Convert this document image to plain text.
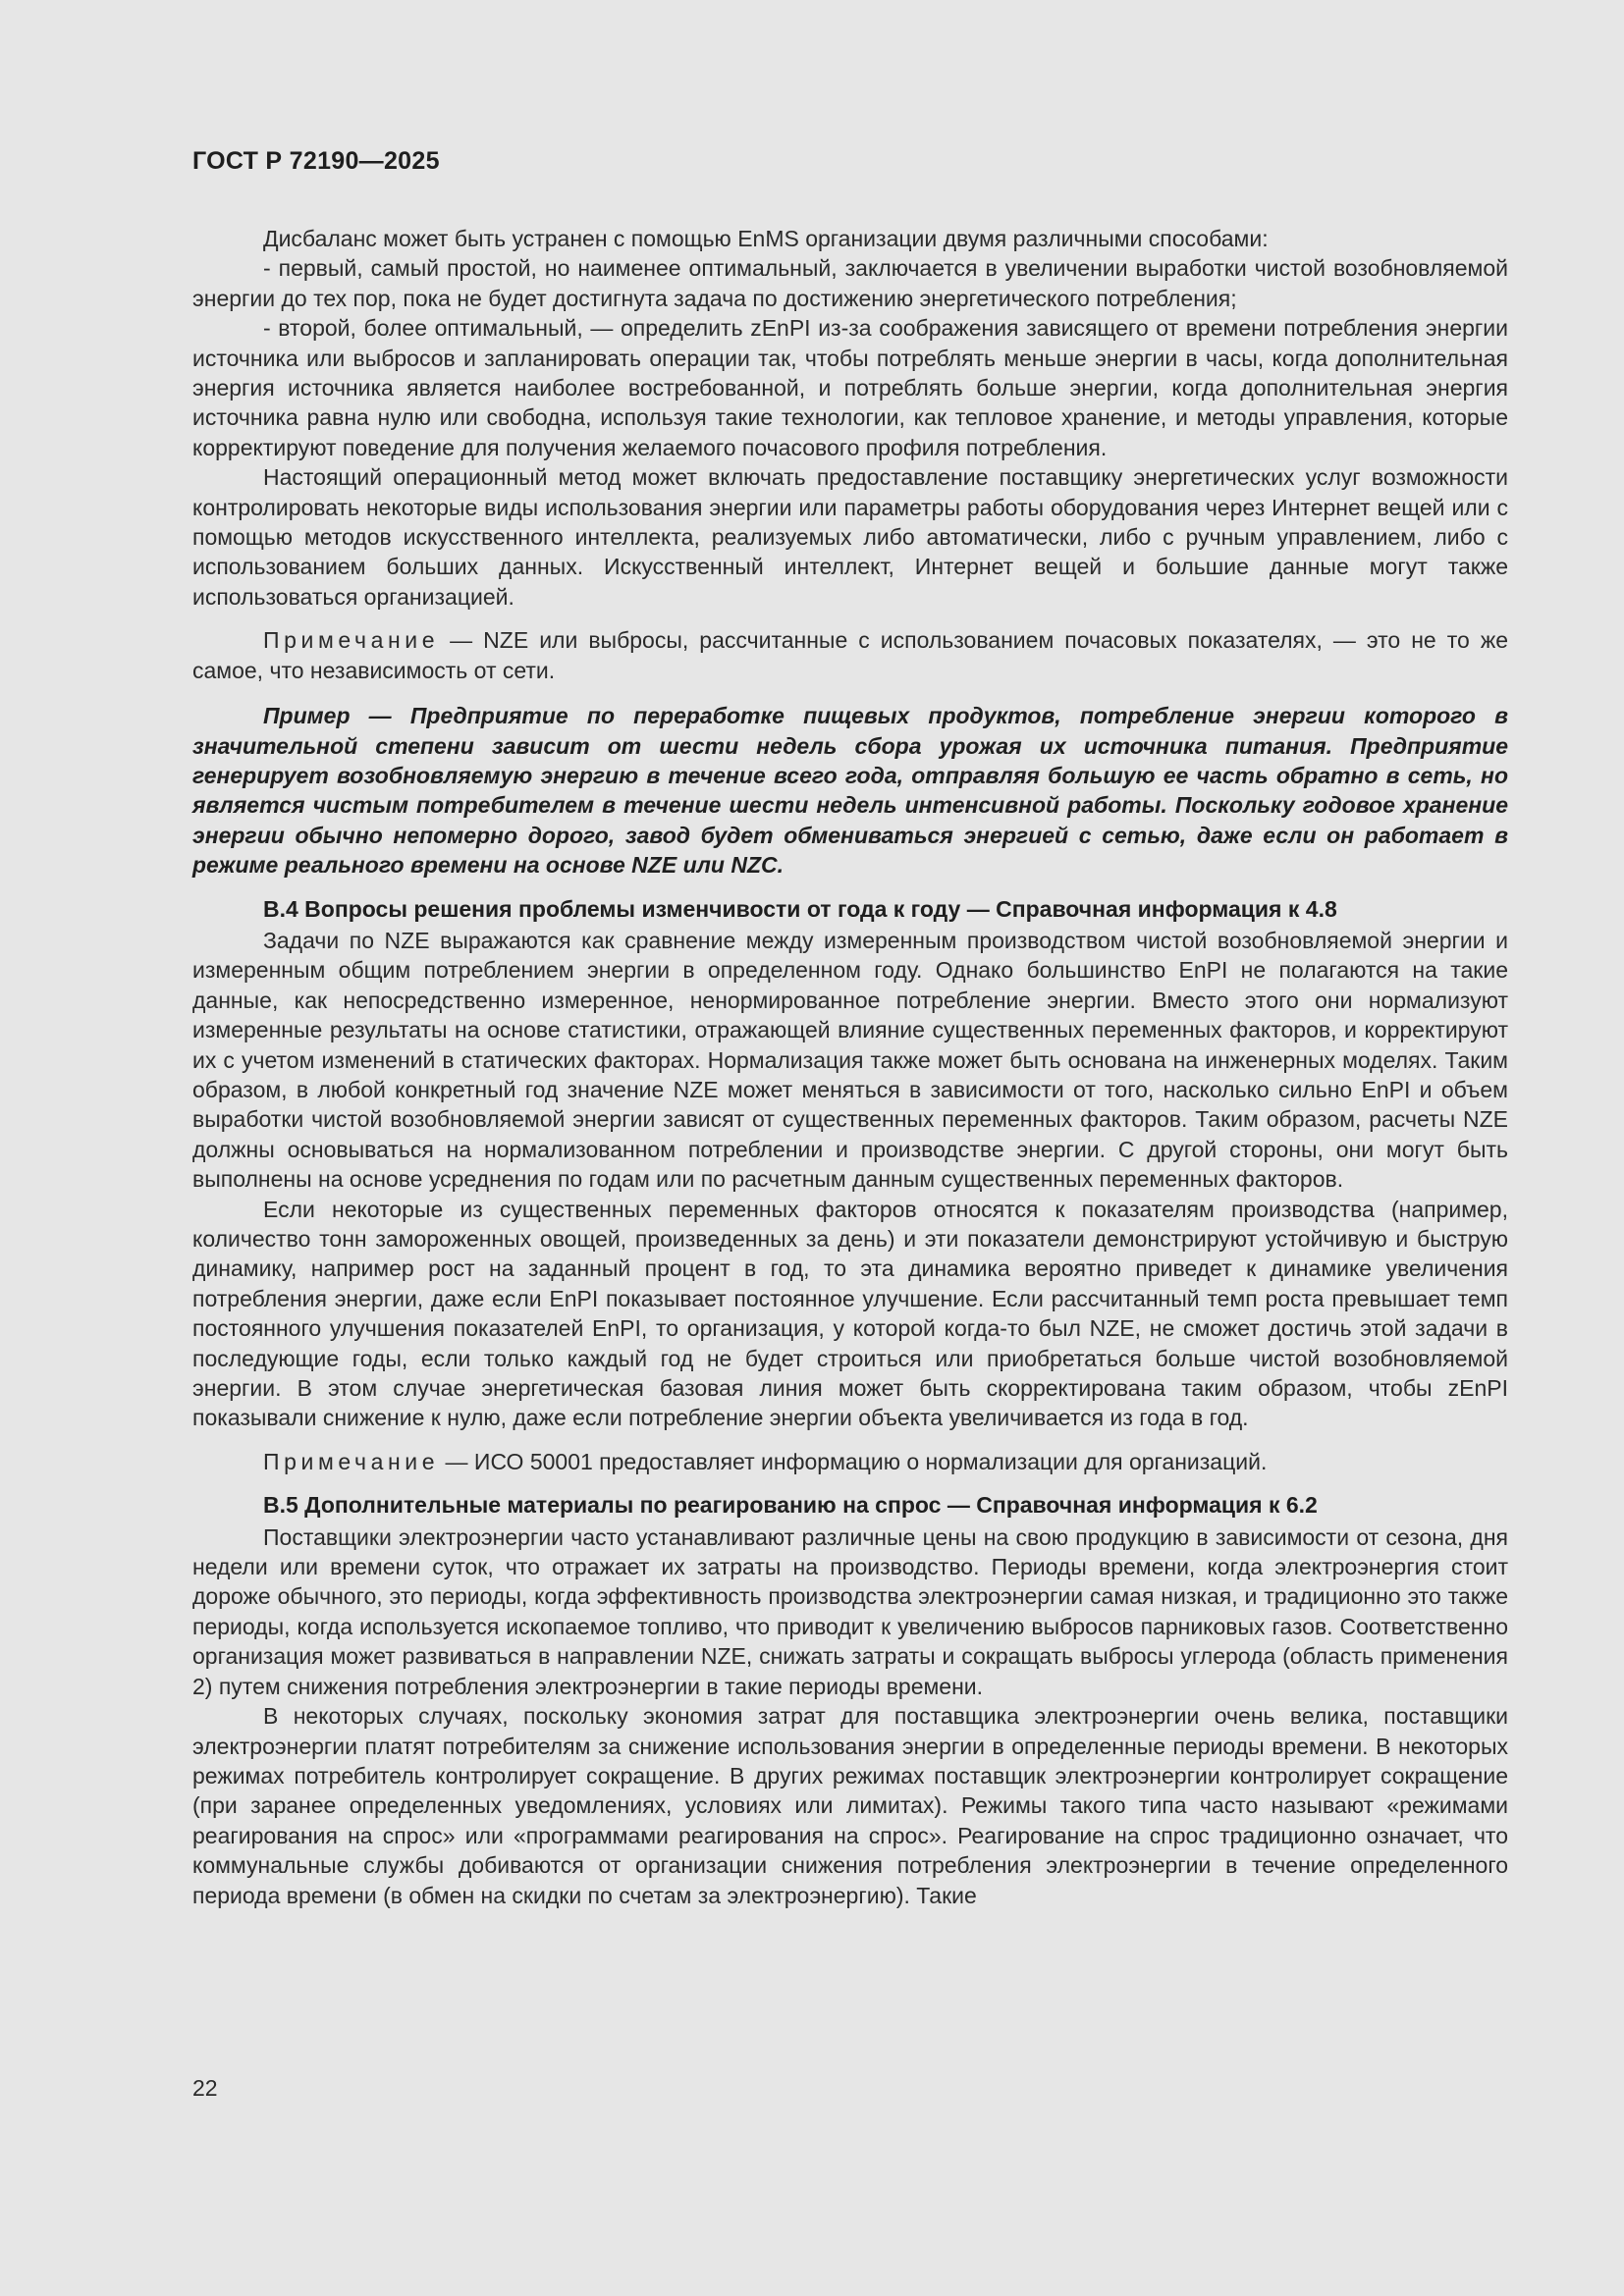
ГОСТ Р 72190—2025

Дисбаланс может быть устранен с помощью EnMS организации двумя различными способами:

- первый, самый простой, но наименее оптимальный, заключается в увеличении выработки чистой возобновляемой энергии до тех пор, пока не будет достигнута задача по достижению энергетического потребления;

- второй, более оптимальный, — определить zEnPI из-за соображения зависящего от времени потребления энергии источника или выбросов и запланировать операции так, чтобы потреблять меньше энергии в часы, когда дополнительная энергия источника является наиболее востребованной, и потреблять больше энергии, когда дополнительная энергия источника равна нулю или свободна, используя такие технологии, как тепловое хранение, и методы управления, которые корректируют поведение для получения желаемого почасового профиля потребления.

Настоящий операционный метод может включать предоставление поставщику энергетических услуг возможности контролировать некоторые виды использования энергии или параметры работы оборудования через Интернет вещей или с помощью методов искусственного интеллекта, реализуемых либо автоматически, либо с ручным управлением, либо с использованием больших данных. Искусственный интеллект, Интернет вещей и большие данные могут также использоваться организацией.

Примечание — NZE или выбросы, рассчитанные с использованием почасовых показателях, — это не то же самое, что независимость от сети.

Пример — Предприятие по переработке пищевых продуктов, потребление энергии которого в значительной степени зависит от шести недель сбора урожая их источника питания. Предприятие генерирует возобновляемую энергию в течение всего года, отправляя большую ее часть обратно в сеть, но является чистым потребителем в течение шести недель интенсивной работы. Поскольку годовое хранение энергии обычно непомерно дорого, завод будет обмениваться энергией с сетью, даже если он работает в режиме реального времени на основе NZE или NZC.

В.4 Вопросы решения проблемы изменчивости от года к году — Справочная информация к 4.8

Задачи по NZE выражаются как сравнение между измеренным производством чистой возобновляемой энергии и измеренным общим потреблением энергии в определенном году. Однако большинство EnPI не полагаются на такие данные, как непосредственно измеренное, ненормированное потребление энергии. Вместо этого они нормализуют измеренные результаты на основе статистики, отражающей влияние существенных переменных факторов, и корректируют их с учетом изменений в статических факторах. Нормализация также может быть основана на инженерных моделях. Таким образом, в любой конкретный год значение NZE может меняться в зависимости от того, насколько сильно EnPI и объем выработки чистой возобновляемой энергии зависят от существенных переменных факторов. Таким образом, расчеты NZE должны основываться на нормализованном потреблении и производстве энергии. С другой стороны, они могут быть выполнены на основе усреднения по годам или по расчетным данным существенных переменных факторов.

Если некоторые из существенных переменных факторов относятся к показателям производства (например, количество тонн замороженных овощей, произведенных за день) и эти показатели демонстрируют устойчивую и быструю динамику, например рост на заданный процент в год, то эта динамика вероятно приведет к динамике увеличения потребления энергии, даже если EnPI показывает постоянное улучшение. Если рассчитанный темп роста превышает темп постоянного улучшения показателей EnPI, то организация, у которой когда-то был NZE, не сможет достичь этой задачи в последующие годы, если только каждый год не будет строиться или приобретаться больше чистой возобновляемой энергии. В этом случае энергетическая базовая линия может быть скорректирована таким образом, чтобы zEnPI показывали снижение к нулю, даже если потребление энергии объекта увеличивается из года в год.

Примечание — ИСО 50001 предоставляет информацию о нормализации для организаций.

В.5 Дополнительные материалы по реагированию на спрос — Справочная информация к 6.2

Поставщики электроэнергии часто устанавливают различные цены на свою продукцию в зависимости от сезона, дня недели или времени суток, что отражает их затраты на производство. Периоды времени, когда электроэнергия стоит дороже обычного, это периоды, когда эффективность производства электроэнергии самая низкая, и традиционно это также периоды, когда используется ископаемое топливо, что приводит к увеличению выбросов парниковых газов. Соответственно организация может развиваться в направлении NZE, снижать затраты и сокращать выбросы углерода (область применения 2) путем снижения потребления электроэнергии в такие периоды времени.

В некоторых случаях, поскольку экономия затрат для поставщика электроэнергии очень велика, поставщики электроэнергии платят потребителям за снижение использования энергии в определенные периоды времени. В некоторых режимах потребитель контролирует сокращение. В других режимах поставщик электроэнергии контролирует сокращение (при заранее определенных уведомлениях, условиях или лимитах). Режимы такого типа часто называют «режимами реагирования на спрос» или «программами реагирования на спрос». Реагирование на спрос традиционно означает, что коммунальные службы добиваются от организации снижения потребления электроэнергии в течение определенного периода времени (в обмен на скидки по счетам за электроэнергию). Такие

22
